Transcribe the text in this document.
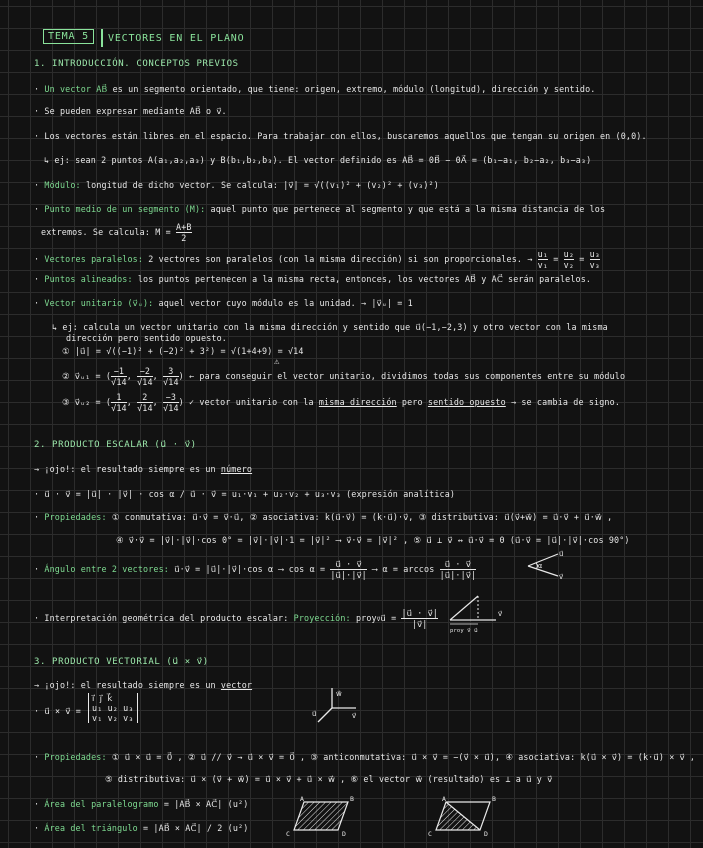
TEMA 5	VECTORES EN EL PLANO
1. INTRODUCCIÓN. CONCEPTOS PREVIOS
· Un vector AB⃗ es un segmento orientado, que tiene: origen, extremo, módulo (longitud), dirección y sentido.
· Se pueden expresar mediante AB⃗ o v⃗.
· Los vectores están libres en el espacio. Para trabajar con ellos, buscaremos aquellos que tengan su origen en (0,0).
↳ ej: sean 2 puntos A(a₁,a₂,a₃) y B(b₁,b₂,b₃). El vector definido es AB⃗ = 0B⃗ − 0A⃗ = (b₁−a₁, b₂−a₂, b₃−a₃)
· Módulo: longitud de dicho vector. Se calcula: |v⃗| = √((v₁)² + (v₂)² + (v₃)²)
· Punto medio de un segmento (M): aquel punto que pertenece al segmento y que está a la misma distancia de los
extremos. Se calcula: $M = \frac{A+B}{2}$
· Vectores paralelos: 2 vectores son paralelos (con la misma dirección) si son proporcionales. → $\frac{\text{u₁}}{\text{v₁}} = \frac{\text{u₂}}{\text{v₂}} = \frac{\text{u₃}}{\text{v₃}}$
· Puntos alineados: los puntos pertenecen a la misma recta, entonces, los vectores AB⃗ y AC⃗ serán paralelos.
· Vector unitario (v⃗ᵤ): aquel vector cuyo módulo es la unidad. → |v⃗ᵤ| = 1
↳ ej: calcula un vector unitario con la misma dirección y sentido que u⃗(−1,−2,3) y otro vector con la misma
dirección pero sentido opuesto.
① |u⃗| = √((−1)² + (−2)² + 3²) = √(1+4+9) = √14
② v⃗ᵤ₁ = ( $\frac{-1}{√14}$, $\frac{-2}{√14}$, $\frac{3}{√14}$) ← para conseguir el vector unitario, dividimos todas sus componentes entre su módulo
⚠
③ v⃗ᵤ₂ = ( $\frac{1}{√14}$, $\frac{2}{√14}$, $\frac{-3}{√14}$) ✓ vector unitario con la misma dirección pero sentido opuesto → se cambia de signo.
2. PRODUCTO ESCALAR (u⃗ · v⃗)
→ ¡ojo!: el resultado siempre es un número
· u⃗ · v⃗ = |u⃗| · |v⃗| · cos α / u⃗ · v⃗ = u₁·v₁ + u₂·v₂ + u₃·v₃ (expresión analítica)
· Propiedades: ① conmutativa: u⃗·v⃗ = v⃗·u⃗, ② asociativa: k(u⃗·v⃗) = (k·u⃗)·v⃗, ③ distributiva: u⃗(v⃗+w⃗) = u⃗·v⃗ + u⃗·w⃗ ,
④ v⃗·v⃗ = |v⃗|·|v⃗|·cos 0° = |v⃗|·|v⃗|·1 = |v⃗|² ⟶ v⃗·v⃗ = |v⃗|² , ⑤ u⃗ ⊥ v⃗ ↔ u⃗·v⃗ = 0 (u⃗·v⃗ = |u⃗|·|v⃗|·cos 90°)
· Ángulo entre 2 vectores: u⃗·v⃗ = |u⃗|·|v⃗|·cos α ⟶ $\cos \alpha = \frac{u⃗ \cdot v⃗}{|u⃗|\cdot|v⃗|}$ ⟶ $\alpha = \arccos \frac{u⃗ \cdot v⃗}{|u⃗|\cdot|v⃗|}$	α
u⃗
v⃗
· Interpretación geométrica del producto escalar: Proyección: proyv⃗u⃗ = $\frac{|u⃗ \cdot v⃗|}{|v⃗|}$	v⃗
proy v⃗ u⃗
3. PRODUCTO VECTORIAL (u⃗ × v⃗)
→ ¡ojo!: el resultado siempre es un vector
· u⃗ × v⃗ =
i⃗ j⃗ k⃗
u₁ u₂ u₃
v₁ v₂ v₃
w⃗
v⃗
u⃗
· Propiedades: ① u⃗ × u⃗ = 0⃗ , ② u⃗ // v⃗ → u⃗ × v⃗ = 0⃗ , ③ anticonmutativa: u⃗ × v⃗ = −(v⃗ × u⃗), ④ asociativa: k(u⃗ × v⃗) = (k·u⃗) × v⃗ ,
⑤ distributiva: u⃗ × (v⃗ + w⃗) = u⃗ × v⃗ + u⃗ × w⃗ , ⑥ el vector w⃗ (resultado) es ⊥ a u⃗ y v⃗
· Área del paralelogramo = |AB⃗ × AC⃗| (u²)
· Área del triángulo = |AB⃗ × AC⃗| / 2 (u²)
A	B
C	D
A	B
C	D
